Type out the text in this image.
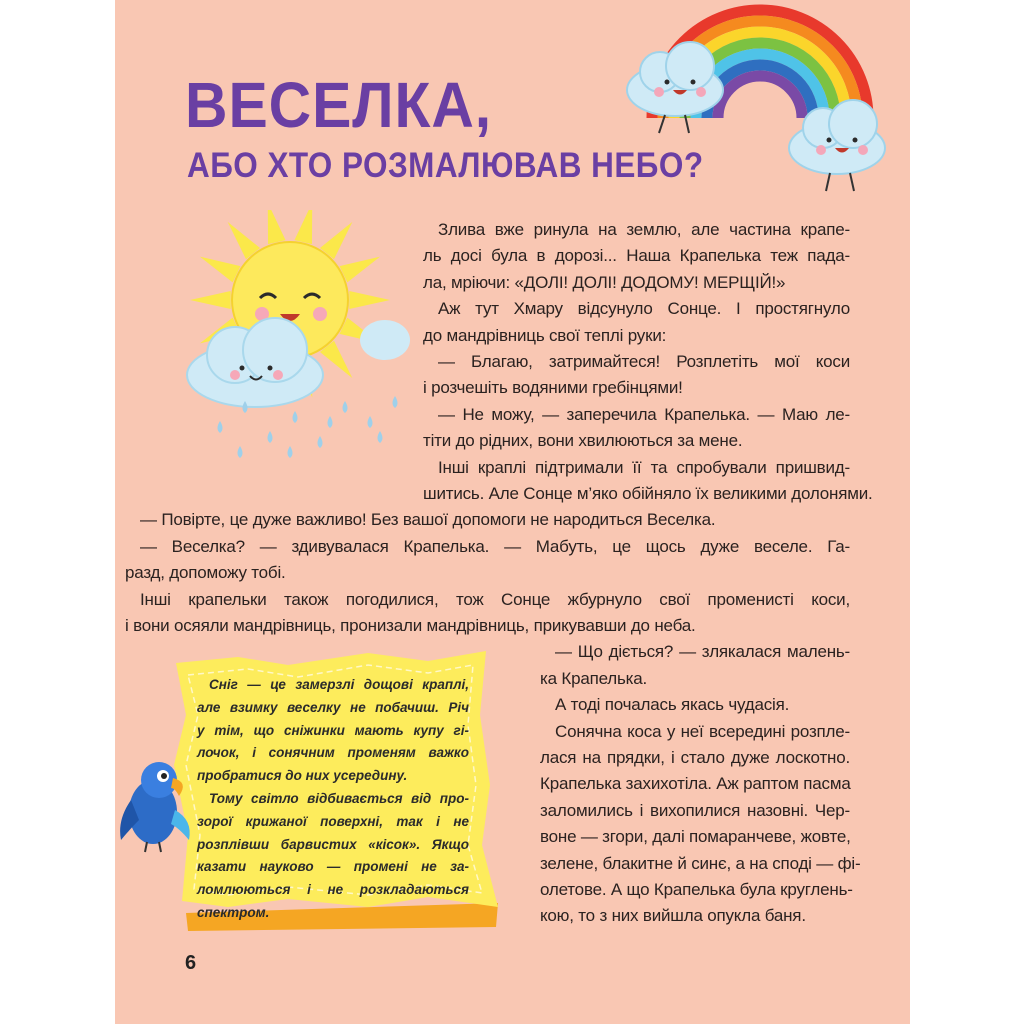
ВЕСЕЛКА,
АБО ХТО РОЗМАЛЮВАВ НЕБО?
Сніг — це замерзлі дощові краплі,
але взимку веселку не побачиш. Річ
у тім, що сніжинки мають купу гі-
лочок, і сонячним променям важко
пробратися до них усередину.
Тому світло відбивається від про-
зорої крижаної поверхні, так і не
розплівши барвистих «кісок». Якщо
казати науково — промені не за-
ломлюються і не розкладаються
спектром.
Злива вже ринула на землю, але частина крапе-
ль досі була в дорозі... Наша Крапелька теж пада-
ла, мріючи: «ДОЛІ! ДОЛІ! ДОДОМУ! МЕРЩІЙ!»
Аж тут Хмару відсунуло Сонце. І простягнуло
до мандрівниць свої теплі руки:
— Благаю, затримайтеся! Розплетіть мої коси
і розчешіть водяними гребінцями!
— Не можу, — заперечила Крапелька. — Маю ле-
тіти до рідних, вони хвилюються за мене.
Інші краплі підтримали її та спробували пришвид-
шитись. Але Сонце м’яко обійняло їх великими долонями.
— Повірте, це дуже важливо! Без вашої допомоги не народиться Веселка.
— Веселка? — здивувалася Крапелька. — Мабуть, це щось дуже веселе. Га-
разд, допоможу тобі.
Інші крапельки також погодилися, тож Сонце жбурнуло свої променисті коси,
і вони осяяли мандрівниць, пронизали мандрівниць, прикувавши до неба.
— Що діється? — злякалася малень-
ка Крапелька.
А тоді почалась якась чудасія.
Сонячна коса у неї всередині розпле-
лася на прядки, і стало дуже лоскотно.
Крапелька захихотіла. Аж раптом пасма
заломились і вихопилися назовні. Чер-
воне — згори, далі помаранчеве, жовте,
зелене, блакитне й синє, а на споді — фі-
олетове. А що Крапелька була круглень-
кою, то з них вийшла опукла баня.
6
